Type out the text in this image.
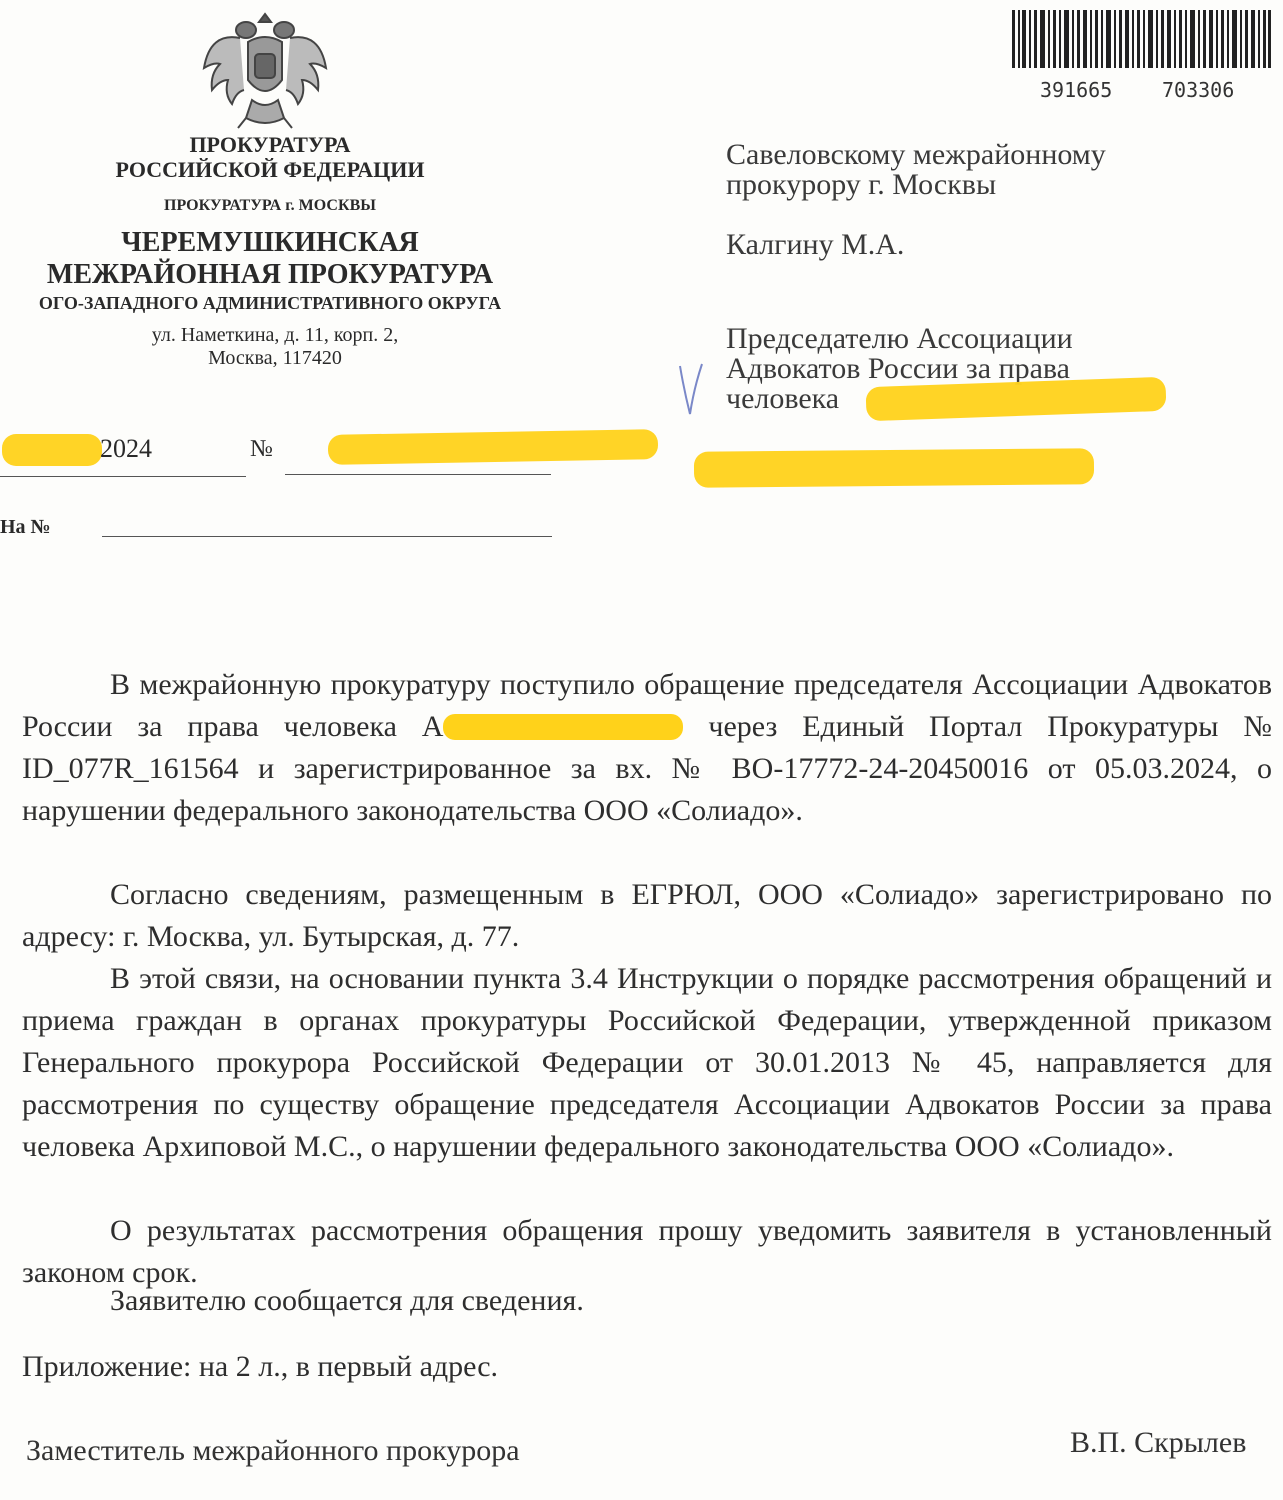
ПРОКУРАТУРА
РОССИЙСКОЙ ФЕДЕРАЦИИ
ПРОКУРАТУРА г. МОСКВЫ
ЧЕРЕМУШКИНСКАЯ
МЕЖРАЙОННАЯ ПРОКУРАТУРА
ОГО-ЗАПАДНОГО АДМИНИСТРАТИВНОГО ОКРУГА
ул. Наметкина, д. 11, корп. 2,
Москва, 117420
391665 703306
Савеловскому межрайонному
прокурору г. Москвы
Калгину М.А.
Председателю Ассоциации
Адвокатов России за права
человека
2024	№
На №
В межрайонную прокуратуру поступило обращение председателя Ассоциации Адвокатов России за права человека А	через Единый Портал Прокуратуры № ID_077R_161564 и зарегистрированное за вх. № ВО-17772-24-20450016 от 05.03.2024, о нарушении федерального законодательства ООО «Солиадо».
Согласно сведениям, размещенным в ЕГРЮЛ, ООО «Солиадо» зарегистрировано по адресу: г. Москва, ул. Бутырская, д. 77.
В этой связи, на основании пункта 3.4 Инструкции о порядке рассмотрения обращений и приема граждан в органах прокуратуры Российской Федерации, утвержденной приказом Генерального прокурора Российской Федерации от 30.01.2013 № 45, направляется для рассмотрения по существу обращение председателя Ассоциации Адвокатов России за права человека Архиповой М.С., о нарушении федерального законодательства ООО «Солиадо».
О результатах рассмотрения обращения прошу уведомить заявителя в установленный законом срок.
Заявителю сообщается для сведения.
Приложение: на 2 л., в первый адрес.
Заместитель межрайонного прокурора	В.П. Скрылев
